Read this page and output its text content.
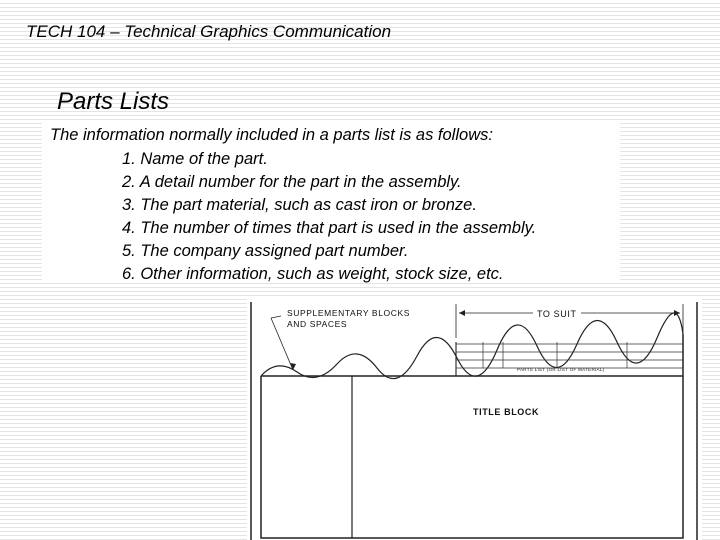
TECH 104 – Technical Graphics Communication
Parts Lists
The information normally included in a parts list is as follows:
1. Name of the part.
2. A detail number for the part in the assembly.
3. The part material, such as cast iron or bronze.
4. The number of times that part is used in the assembly.
5. The company assigned part number.
6. Other information, such as weight, stock size, etc.
SUPPLEMENTARY BLOCKS AND SPACES
TO SUIT
PARTS LIST (OR LIST OF MATERIAL)
TITLE BLOCK
